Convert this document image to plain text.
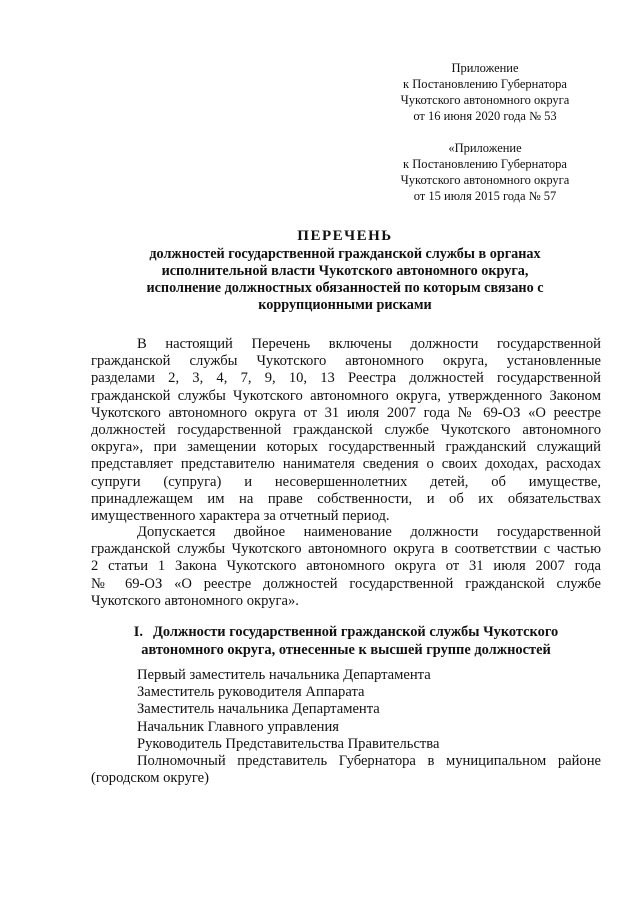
Приложение
к Постановлению Губернатора
Чукотского автономного округа
от 16 июня 2020 года № 53
«Приложение
к Постановлению Губернатора
Чукотского автономного округа
от 15 июля 2015 года № 57
ПЕРЕЧЕНЬ
должностей государственной гражданской службы в органах
исполнительной власти Чукотского автономного округа,
исполнение должностных обязанностей по которым связано с
коррупционными рисками
В настоящий Перечень включены должности государственной
гражданской службы Чукотского автономного округа, установленные
разделами 2, 3, 4, 7, 9, 10, 13 Реестра должностей государственной
гражданской службы Чукотского автономного округа, утвержденного Законом
Чукотского автономного округа от 31 июля 2007 года № 69-ОЗ «О реестре
должностей государственной гражданской службе Чукотского автономного
округа», при замещении которых государственный гражданский служащий
представляет представителю нанимателя сведения о своих доходах, расходах
супруги (супруга) и несовершеннолетних детей, об имуществе,
принадлежащем им на праве собственности, и об их обязательствах
имущественного характера за отчетный период.
Допускается двойное наименование должности государственной
гражданской службы Чукотского автономного округа в соответствии с частью
2 статьи 1 Закона Чукотского автономного округа от 31 июля 2007 года
№ 69-ОЗ «О реестре должностей государственной гражданской службе
Чукотского автономного округа».
I. Должности государственной гражданской службы Чукотского
автономного округа, отнесенные к высшей группе должностей
Первый заместитель начальника Департамента
Заместитель руководителя Аппарата
Заместитель начальника Департамента
Начальник Главного управления
Руководитель Представительства Правительства
Полномочный представитель Губернатора в муниципальном районе
(городском округе)
